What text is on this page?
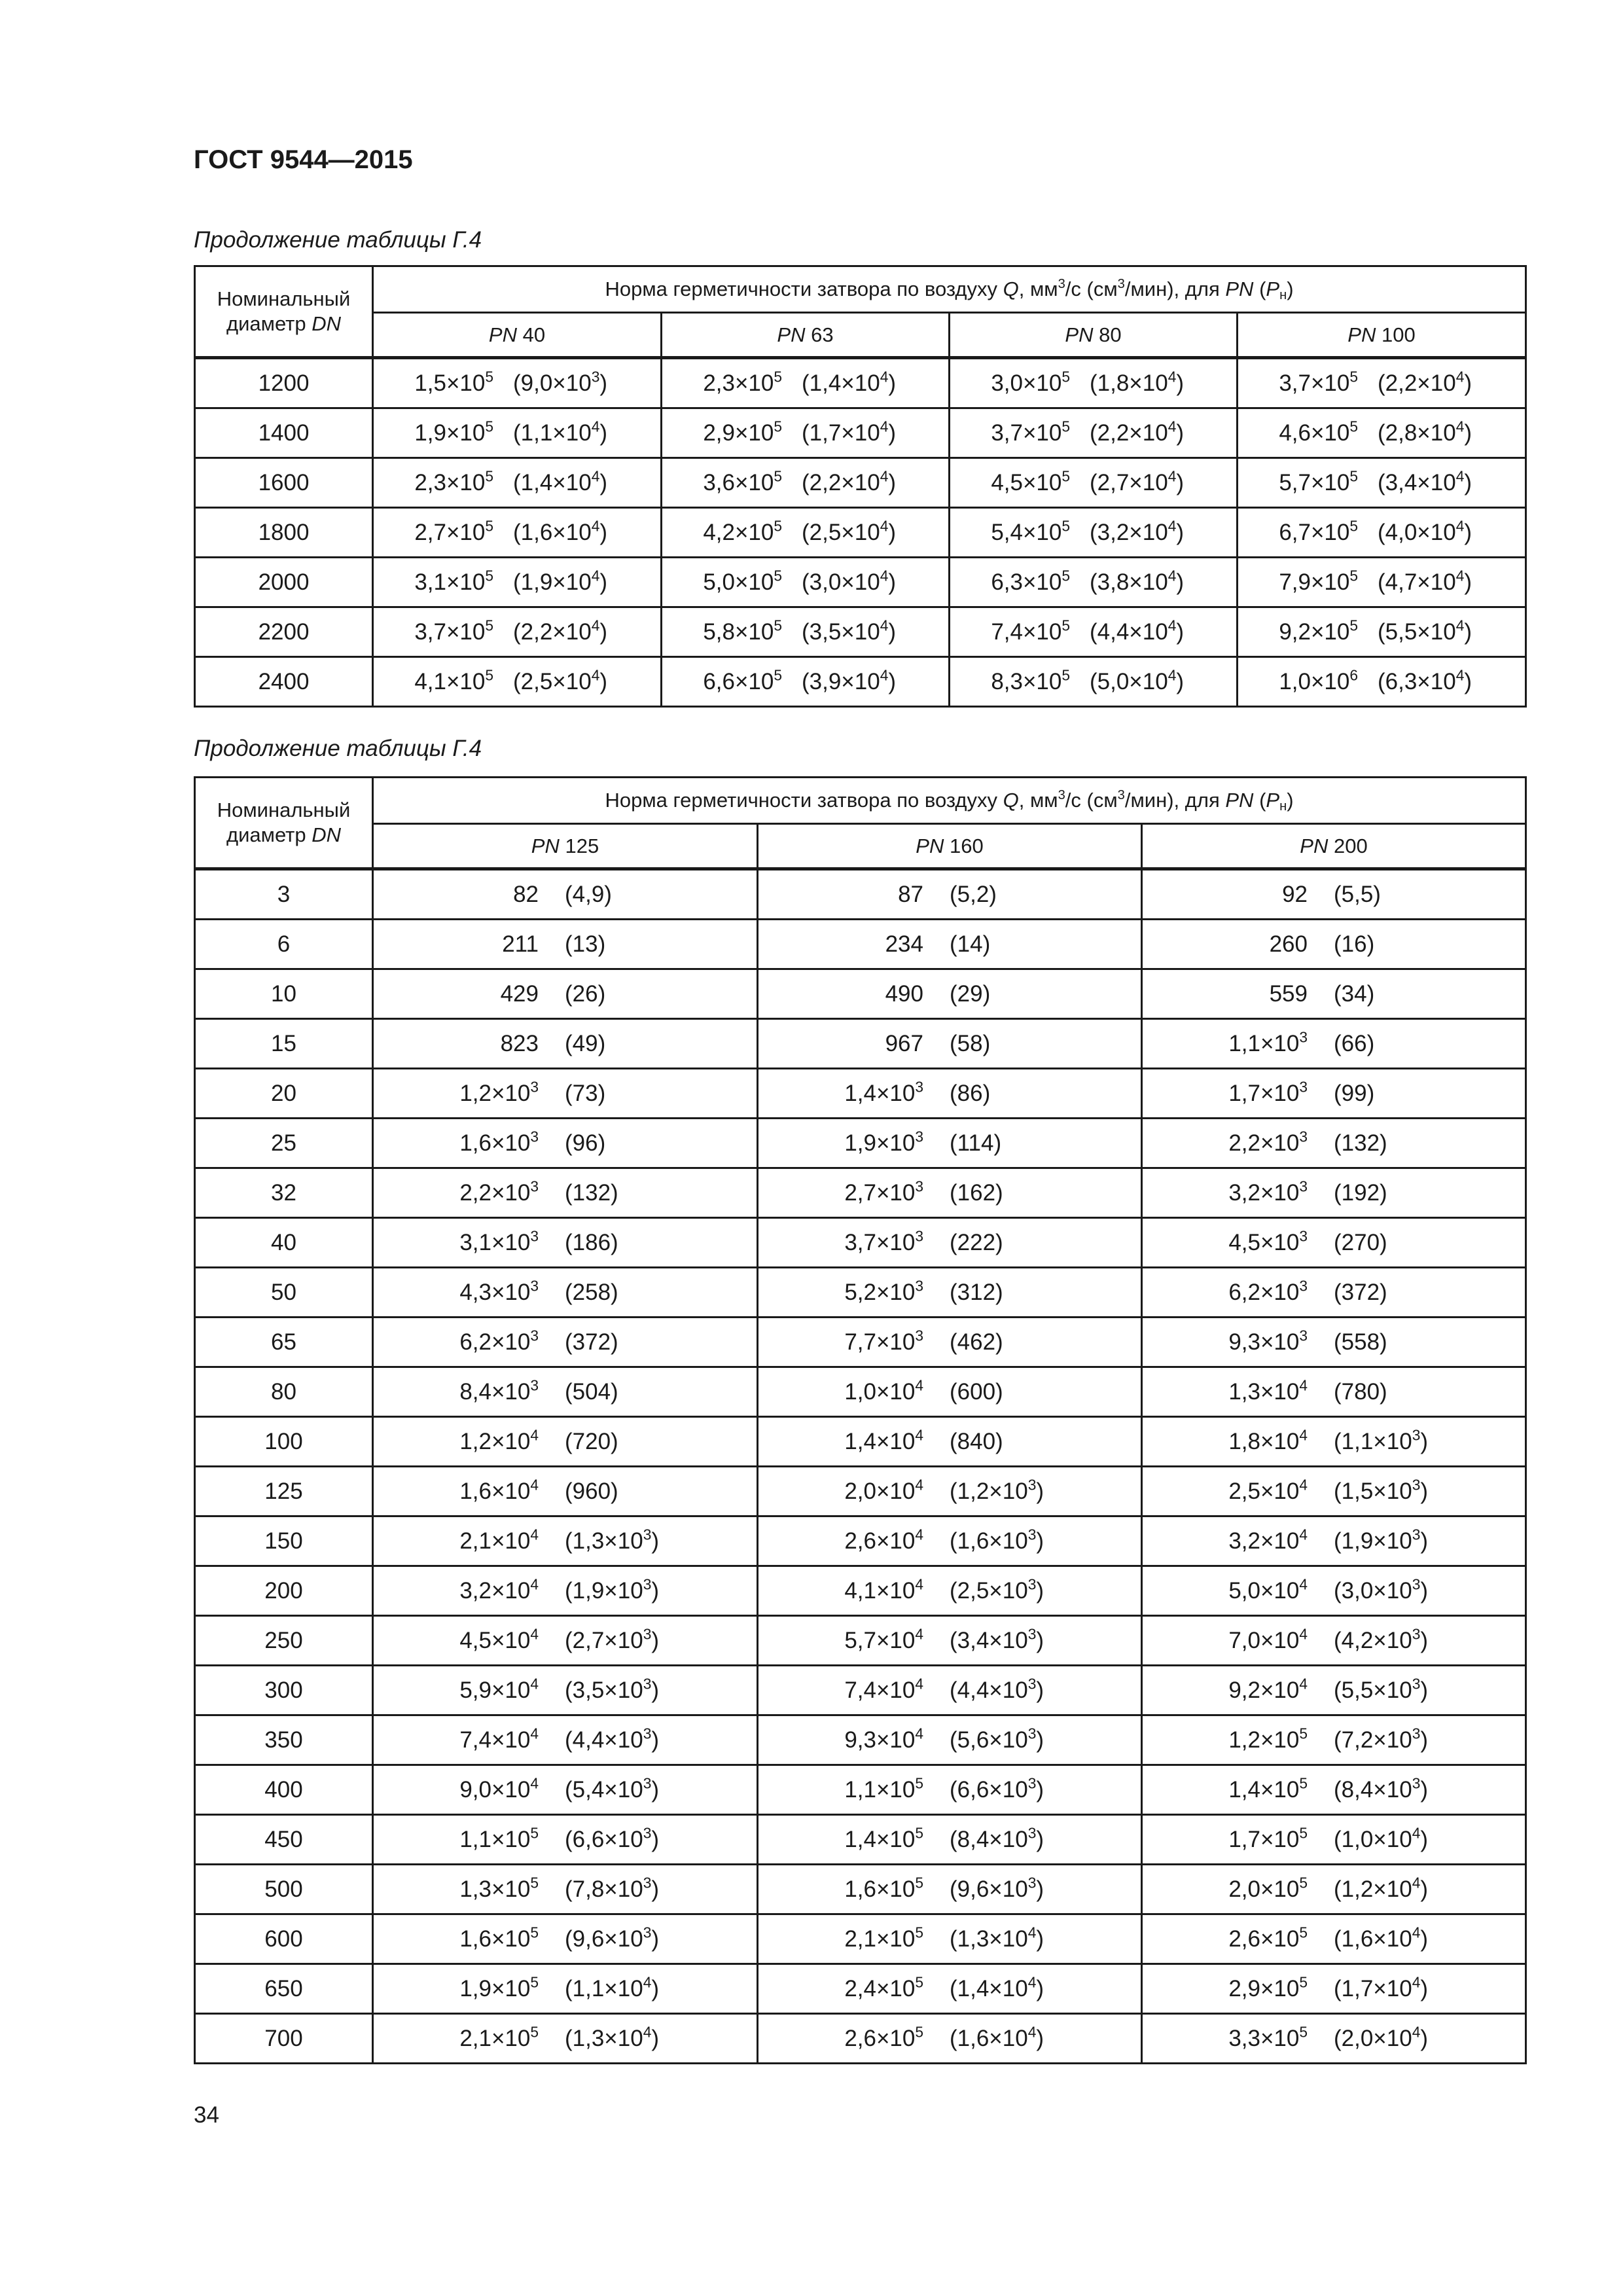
ГОСТ 9544—2015
Продолжение таблицы Г.4
Номинальный
диаметр DN	Норма герметичности затвора по воздуху Q, $мм^3/с$ $(см^3/мин)$, для PN $(P_н)$			
	PN 40	PN 63	PN 80	PN 100
1200	$1,5\times 10^5$ $(9,0\times 10^3)$	$2,3\times 10^5$ $(1,4\times 10^4)$	$3,0\times 10^5$ $(1,8\times 10^4)$	$3,7\times 10^5$ $(2,2\times 10^4)$
1400	$1,9\times 10^5$ $(1,1\times 10^4)$	$2,9\times 10^5$ $(1,7\times 10^4)$	$3,7\times 10^5$ $(2,2\times 10^4)$	$4,6\times 10^5$ $(2,8\times 10^4)$
1600	$2,3\times 10^5$ $(1,4\times 10^4)$	$3,6\times 10^5$ $(2,2\times 10^4)$	$4,5\times 10^5$ $(2,7\times 10^4)$	$5,7\times 10^5$ $(3,4\times 10^4)$
1800	$2,7\times 10^5$ $(1,6\times 10^4)$	$4,2\times 10^5$ $(2,5\times 10^4)$	$5,4\times 10^5$ $(3,2\times 10^4)$	$6,7\times 10^5$ $(4,0\times 10^4)$
2000	$3,1\times 10^5$ $(1,9\times 10^4)$	$5,0\times 10^5$ $(3,0\times 10^4)$	$6,3\times 10^5$ $(3,8\times 10^4)$	$7,9\times 10^5$ $(4,7\times 10^4)$
2200	$3,7\times 10^5$ $(2,2\times 10^4)$	$5,8\times 10^5$ $(3,5\times 10^4)$	$7,4\times 10^5$ $(4,4\times 10^4)$	$9,2\times 10^5$ $(5,5\times 10^4)$
2400	$4,1\times 10^5$ $(2,5\times 10^4)$	$6,6\times 10^5$ $(3,9\times 10^4)$	$8,3\times 10^5$ $(5,0\times 10^4)$	$1,0\times 10^6$ $(6,3\times 10^4)$
Продолжение таблицы Г.4
Номинальный
диаметр DN	Норма герметичности затвора по воздуху Q, $мм^3/с$ $(см^3/мин)$, для PN $(P_н)$		
	PN 125	PN 160	PN 200
3	82 (4,9)	87 (5,2)	92 (5,5)
6	211 (13)	234 (14)	260 (16)
10	429 (26)	490 (29)	559 (34)
15	823 (49)	967 (58)	$1,1\times 10^3$ (66)
20	$1,2\times 10^3$ (73)	$1,4\times 10^3$ (86)	$1,7\times 10^3$ (99)
25	$1,6\times 10^3$ (96)	$1,9\times 10^3$ (114)	$2,2\times 10^3$ (132)
32	$2,2\times 10^3$ (132)	$2,7\times 10^3$ (162)	$3,2\times 10^3$ (192)
40	$3,1\times 10^3$ (186)	$3,7\times 10^3$ (222)	$4,5\times 10^3$ (270)
50	$4,3\times 10^3$ (258)	$5,2\times 10^3$ (312)	$6,2\times 10^3$ (372)
65	$6,2\times 10^3$ (372)	$7,7\times 10^3$ (462)	$9,3\times 10^3$ (558)
80	$8,4\times 10^3$ (504)	$1,0\times 10^4$ (600)	$1,3\times 10^4$ (780)
100	$1,2\times 10^4$ (720)	$1,4\times 10^4$ (840)	$1,8\times 10^4$ $(1,1\times 10^3)$
125	$1,6\times 10^4$ (960)	$2,0\times 10^4$ $(1,2\times 10^3)$	$2,5\times 10^4$ $(1,5\times 10^3)$
150	$2,1\times 10^4$ $(1,3\times 10^3)$	$2,6\times 10^4$ $(1,6\times 10^3)$	$3,2\times 10^4$ $(1,9\times 10^3)$
200	$3,2\times 10^4$ $(1,9\times 10^3)$	$4,1\times 10^4$ $(2,5\times 10^3)$	$5,0\times 10^4$ $(3,0\times 10^3)$
250	$4,5\times 10^4$ $(2,7\times 10^3)$	$5,7\times 10^4$ $(3,4\times 10^3)$	$7,0\times 10^4$ $(4,2\times 10^3)$
300	$5,9\times 10^4$ $(3,5\times 10^3)$	$7,4\times 10^4$ $(4,4\times 10^3)$	$9,2\times 10^4$ $(5,5\times 10^3)$
350	$7,4\times 10^4$ $(4,4\times 10^3)$	$9,3\times 10^4$ $(5,6\times 10^3)$	$1,2\times 10^5$ $(7,2\times 10^3)$
400	$9,0\times 10^4$ $(5,4\times 10^3)$	$1,1\times 10^5$ $(6,6\times 10^3)$	$1,4\times 10^5$ $(8,4\times 10^3)$
450	$1,1\times 10^5$ $(6,6\times 10^3)$	$1,4\times 10^5$ $(8,4\times 10^3)$	$1,7\times 10^5$ $(1,0\times 10^4)$
500	$1,3\times 10^5$ $(7,8\times 10^3)$	$1,6\times 10^5$ $(9,6\times 10^3)$	$2,0\times 10^5$ $(1,2\times 10^4)$
600	$1,6\times 10^5$ $(9,6\times 10^3)$	$2,1\times 10^5$ $(1,3\times 10^4)$	$2,6\times 10^5$ $(1,6\times 10^4)$
650	$1,9\times 10^5$ $(1,1\times 10^4)$	$2,4\times 10^5$ $(1,4\times 10^4)$	$2,9\times 10^5$ $(1,7\times 10^4)$
700	$2,1\times 10^5$ $(1,3\times 10^4)$	$2,6\times 10^5$ $(1,6\times 10^4)$	$3,3\times 10^5$ $(2,0\times 10^4)$
34
